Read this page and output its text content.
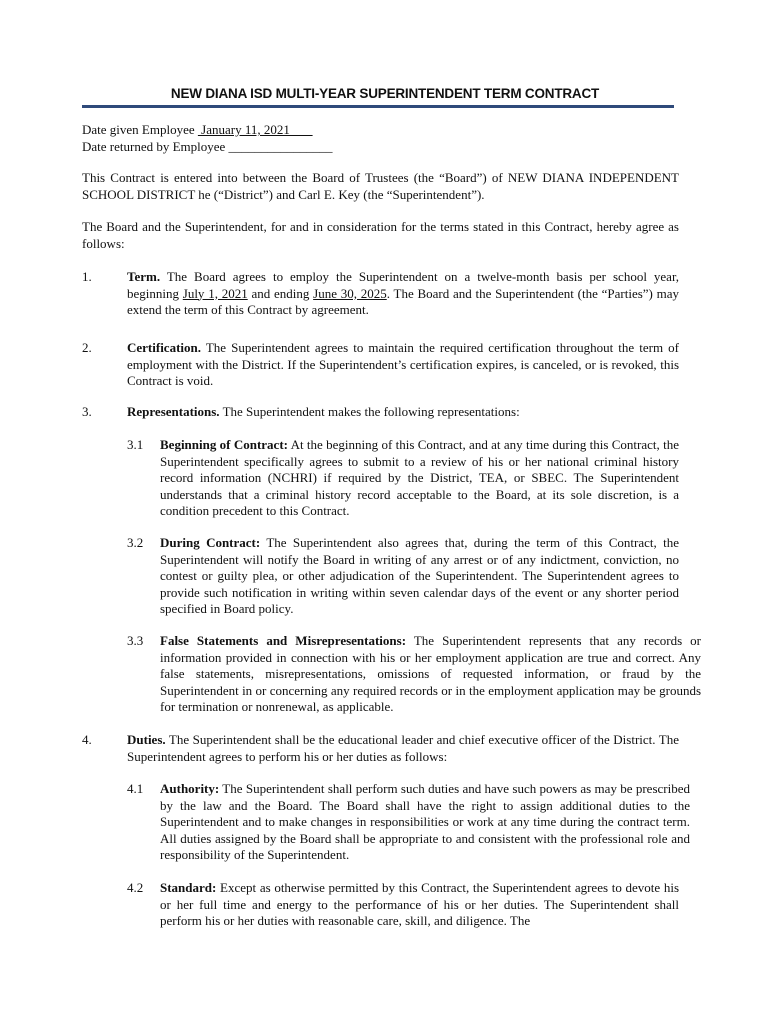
NEW DIANA ISD MULTI-YEAR SUPERINTENDENT TERM CONTRACT
Date given Employee  January 11, 2021
Date returned by Employee ________________
This Contract is entered into between the Board of Trustees (the “Board”) of NEW DIANA INDEPENDENT SCHOOL DISTRICT he (“District”) and Carl E. Key (the “Superintendent”).
The Board and the Superintendent, for and in consideration for the terms stated in this Contract, hereby agree as follows:
1.	Term. The Board agrees to employ the Superintendent on a twelve-month basis per school year, beginning July 1, 2021 and ending June 30, 2025. The Board and the Superintendent (the “Parties”) may extend the term of this Contract by agreement.
2.	Certification. The Superintendent agrees to maintain the required certification throughout the term of employment with the District. If the Superintendent’s certification expires, is canceled, or is revoked, this Contract is void.
3.	Representations. The Superintendent makes the following representations:
3.1 Beginning of Contract: At the beginning of this Contract, and at any time during this Contract, the Superintendent specifically agrees to submit to a review of his or her national criminal history record information (NCHRI) if required by the District, TEA, or SBEC. The Superintendent understands that a criminal history record acceptable to the Board, at its sole discretion, is a condition precedent to this Contract.
3.2 During Contract: The Superintendent also agrees that, during the term of this Contract, the Superintendent will notify the Board in writing of any arrest or of any indictment, conviction, no contest or guilty plea, or other adjudication of the Superintendent. The Superintendent agrees to provide such notification in writing within seven calendar days of the event or any shorter period specified in Board policy.
3.3 False Statements and Misrepresentations: The Superintendent represents that any records or information provided in connection with his or her employment application are true and correct. Any false statements, misrepresentations, omissions of requested information, or fraud by the Superintendent in or concerning any required records or in the employment application may be grounds for termination or nonrenewal, as applicable.
4.	Duties. The Superintendent shall be the educational leader and chief executive officer of the District. The Superintendent agrees to perform his or her duties as follows:
4.1 Authority: The Superintendent shall perform such duties and have such powers as may be prescribed by the law and the Board. The Board shall have the right to assign additional duties to the Superintendent and to make changes in responsibilities or work at any time during the contract term. All duties assigned by the Board shall be appropriate to and consistent with the professional role and responsibility of the Superintendent.
4.2 Standard: Except as otherwise permitted by this Contract, the Superintendent agrees to devote his or her full time and energy to the performance of his or her duties. The Superintendent shall perform his or her duties with reasonable care, skill, and diligence. The
